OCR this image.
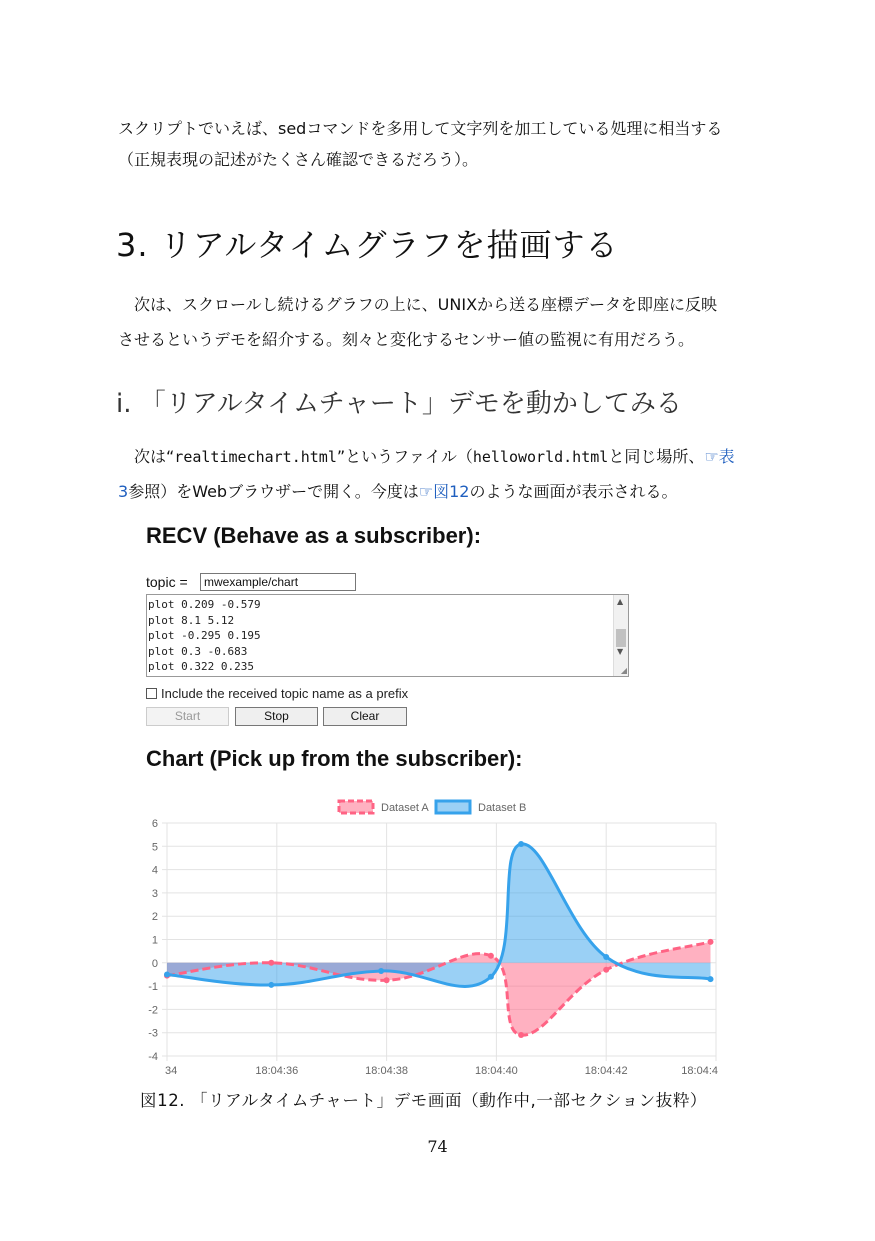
スクリプトでいえば、sedコマンドを多用して文字列を加工している処理に相当する

（正規表現の記述がたくさん確認できるだろう）。

3. リアルタイムグラフを描画する

次は、スクロールし続けるグラフの上に、UNIXから送る座標データを即座に反映

させるというデモを紹介する。刻々と変化するセンサー値の監視に有用だろう。

i. 「リアルタイムチャート」デモを動かしてみる

次は“realtimechart.html”というファイル（helloworld.htmlと同じ場所、☞表

3参照）をWebブラウザーで開く。今度は☞図12のような画面が表示される。

RECV (Behave as a subscriber):
topic =	mwexample/chart
plot 0.209 -0.579
plot 8.1 5.12
plot -0.295 0.195
plot 0.3 -0.683
plot 0.322 0.235
▲
▼
◢
Include the received topic name as a prefix
Start	Stop	Clear
Chart (Pick up from the subscriber):
6
5
4
3
2
1
0
-1
-2
-3
-4
34	18:04:36	18:04:38	18:04:40	18:04:42	18:04:4
Dataset A	Dataset B

図12. 「リアルタイムチャート」デモ画面（動作中,一部セクション抜粋）

74
